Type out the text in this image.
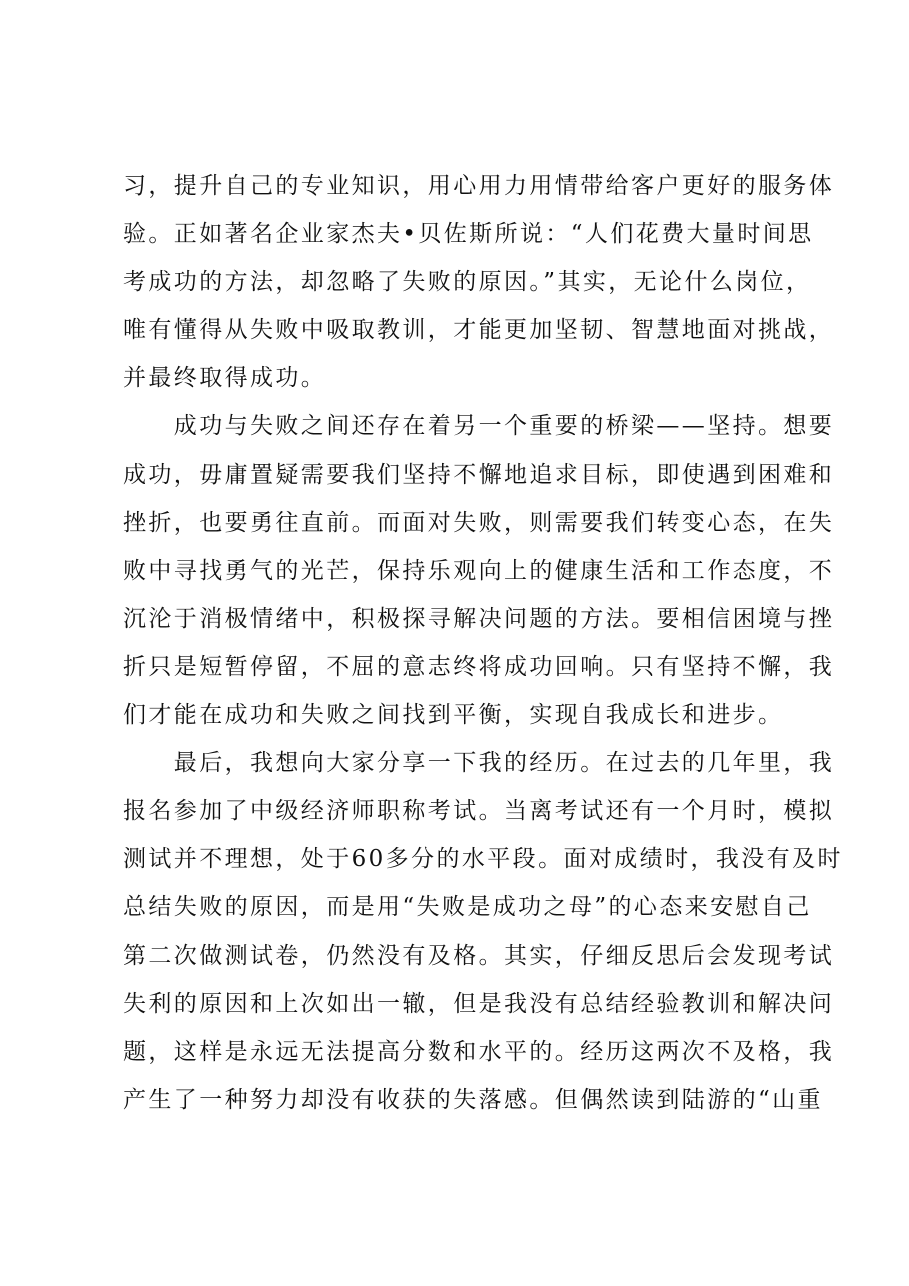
习，提升自己的专业知识，用心用力用情带给客户更好的服务体
验。正如著名企业家杰夫•贝佐斯所说：“人们花费大量时间思
考成功的方法，却忽略了失败的原因。”其实，无论什么岗位，
唯有懂得从失败中吸取教训，才能更加坚韧、智慧地面对挑战，
并最终取得成功。
　　成功与失败之间还存在着另一个重要的桥梁——坚持。想要
成功，毋庸置疑需要我们坚持不懈地追求目标，即使遇到困难和
挫折，也要勇往直前。而面对失败，则需要我们转变心态，在失
败中寻找勇气的光芒，保持乐观向上的健康生活和工作态度，不
沉沦于消极情绪中，积极探寻解决问题的方法。要相信困境与挫
折只是短暂停留，不屈的意志终将成功回响。只有坚持不懈，我
们才能在成功和失败之间找到平衡，实现自我成长和进步。
　　最后，我想向大家分享一下我的经历。在过去的几年里，我
报名参加了中级经济师职称考试。当离考试还有一个月时，模拟
测试并不理想，处于60多分的水平段。面对成绩时，我没有及时
总结失败的原因，而是用“失败是成功之母”的心态来安慰自己
第二次做测试卷，仍然没有及格。其实，仔细反思后会发现考试
失利的原因和上次如出一辙，但是我没有总结经验教训和解决问
题，这样是永远无法提高分数和水平的。经历这两次不及格，我
产生了一种努力却没有收获的失落感。但偶然读到陆游的“山重
